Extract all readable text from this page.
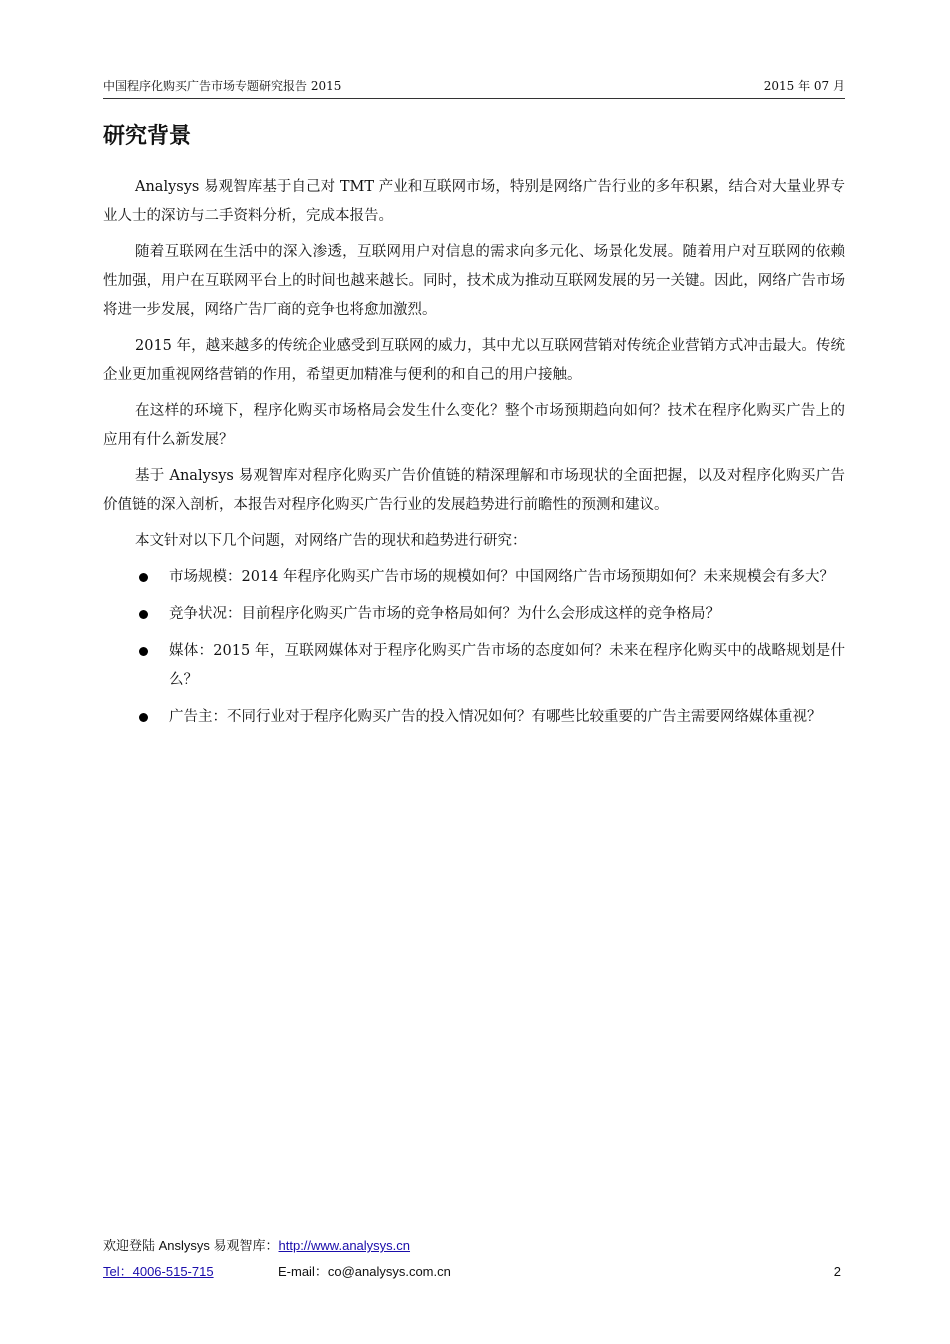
中国程序化购买广告市场专题研究报告 2015	2015 年 07 月
研究背景

Analysys 易观智库基于自己对 TMT 产业和互联网市场，特别是网络广告行业的多年积累，结合对大量业界专业人士的深访与二手资料分析，完成本报告。

随着互联网在生活中的深入渗透，互联网用户对信息的需求向多元化、场景化发展。随着用户对互联网的依赖性加强，用户在互联网平台上的时间也越来越长。同时，技术成为推动互联网发展的另一关键。因此，网络广告市场将进一步发展，网络广告厂商的竞争也将愈加激烈。

2015 年，越来越多的传统企业感受到互联网的威力，其中尤以互联网营销对传统企业营销方式冲击最大。传统企业更加重视网络营销的作用，希望更加精准与便利的和自己的用户接触。

在这样的环境下，程序化购买市场格局会发生什么变化？整个市场预期趋向如何？技术在程序化购买广告上的应用有什么新发展？

基于 Analysys 易观智库对程序化购买广告价值链的精深理解和市场现状的全面把握，以及对程序化购买广告价值链的深入剖析，本报告对程序化购买广告行业的发展趋势进行前瞻性的预测和建议。

本文针对以下几个问题，对网络广告的现状和趋势进行研究：

市场规模：2014 年程序化购买广告市场的规模如何？中国网络广告市场预期如何？未来规模会有多大？
竞争状况：目前程序化购买广告市场的竞争格局如何？为什么会形成这样的竞争格局？
媒体：2015 年，互联网媒体对于程序化购买广告市场的态度如何？未来在程序化购买中的战略规划是什么？
广告主：不同行业对于程序化购买广告的投入情况如何？有哪些比较重要的广告主需要网络媒体重视？
欢迎登陆 Anslysys 易观智库：http://www.analysys.cn
Tel：4006-515-715	E-mail：co@analysys.com.cn	2
